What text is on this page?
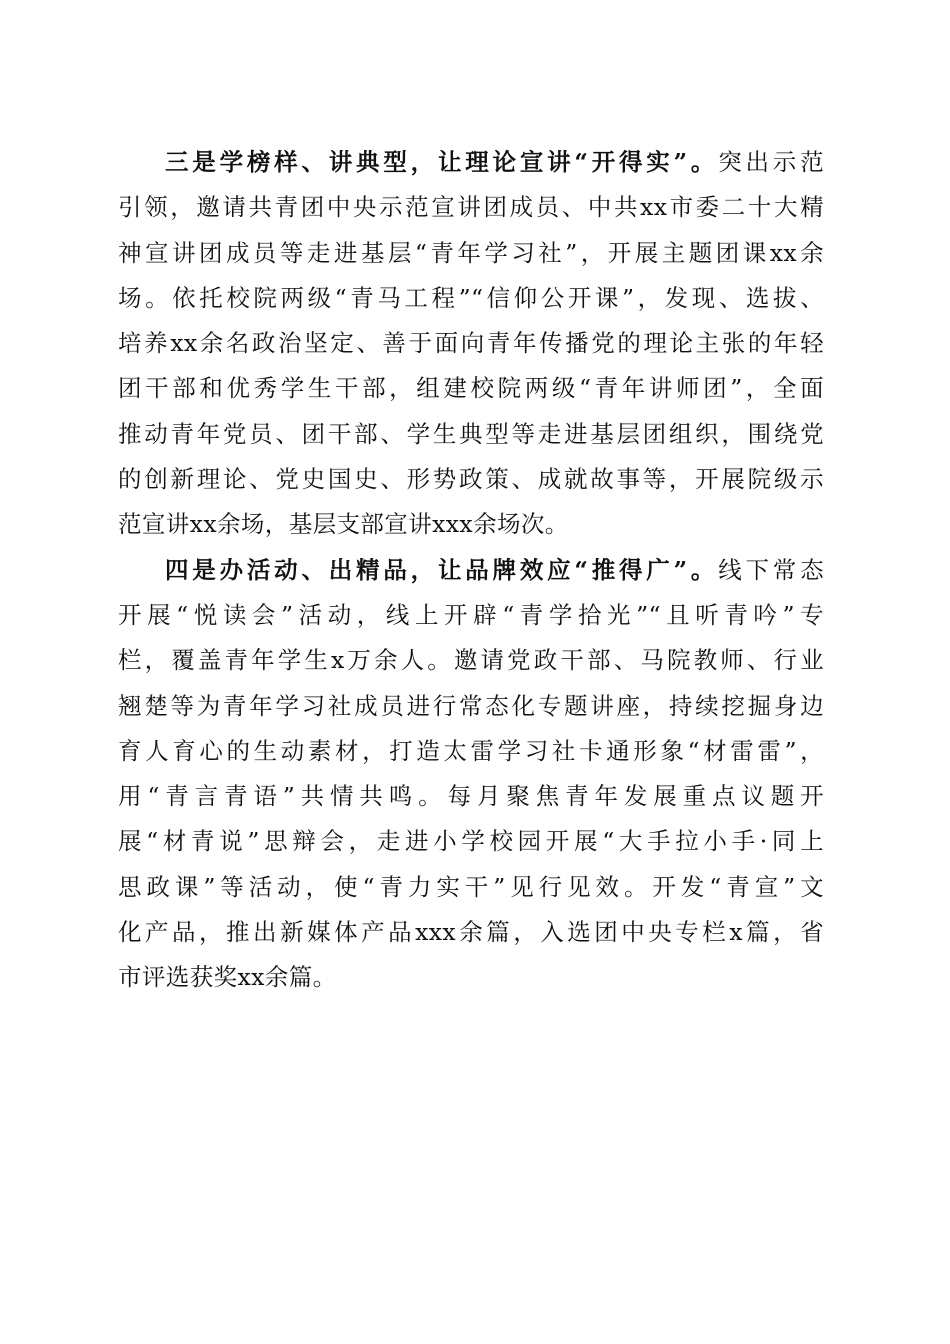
三是学榜样、讲典型，让理论宣讲“开得实”。突出示范
引领，邀请共青团中央示范宣讲团成员、中共xx市委二十大精
神宣讲团成员等走进基层“青年学习社”，开展主题团课xx余
场。依托校院两级“青马工程”“信仰公开课”，发现、选拔、
培养xx余名政治坚定、善于面向青年传播党的理论主张的年轻
团干部和优秀学生干部，组建校院两级“青年讲师团”，全面
推动青年党员、团干部、学生典型等走进基层团组织，围绕党
的创新理论、党史国史、形势政策、成就故事等，开展院级示
范宣讲xx余场，基层支部宣讲xxx余场次。
四是办活动、出精品，让品牌效应“推得广”。线下常态
开展“悦读会”活动，线上开辟“青学拾光”“且听青吟”专
栏，覆盖青年学生x万余人。邀请党政干部、马院教师、行业
翘楚等为青年学习社成员进行常态化专题讲座，持续挖掘身边
育人育心的生动素材，打造太雷学习社卡通形象“材雷雷”，
用“青言青语”共情共鸣。每月聚焦青年发展重点议题开
展“材青说”思辩会，走进小学校园开展“大手拉小手·同上
思政课”等活动，使“青力实干”见行见效。开发“青宣”文
化产品，推出新媒体产品xxx余篇，入选团中央专栏x篇，省
市评选获奖xx余篇。
